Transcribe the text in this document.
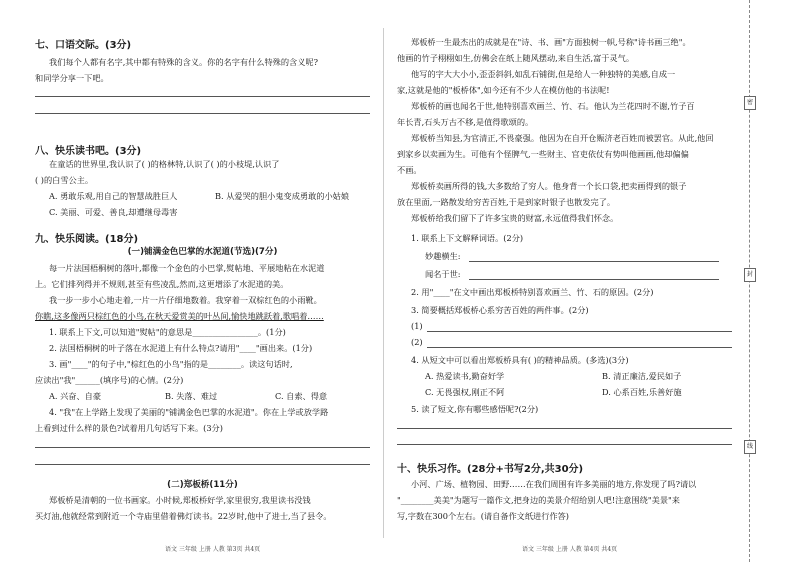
七、口语交际。(3分)
我们每个人都有名字,其中都有特殊的含义。你的名字有什么特殊的含义呢?
和同学分享一下吧。
八、快乐读书吧。(3分)
在童话的世界里,我认识了( )的格林特,认识了( )的小枝堤,认识了
( )的白雪公主。
A. 勇敢乐观,用自己的智慧战胜巨人	B. 从爱哭的胆小鬼变成勇敢的小姑娘
C. 美丽、可爱、善良,却遭继母毒害
九、快乐阅读。(18分)
(一)铺满金色巴掌的水泥道(节选)(7分)
每一片法国梧桐树的落叶,都像一个金色的小巴掌,熨帖地、平展地粘在水泥道
上。它们排列得并不规则,甚至有些凌乱,然而,这更增添了水泥道的美。
我一步一步小心地走着,一片一片仔细地数着。我穿着一双棕红色的小雨靴。
你瞧,这多像两只棕红色的小鸟,在秋天爱赏美的叶丛间,愉快地跳跃着,歌唱着……
1. 联系上下文,可以知道"熨帖"的意思是________________。(1分)
2. 法国梧桐树的叶子落在水泥道上有什么特点?请用"____"画出来。(1分)
3. 画"____"的句子中,"棕红色的小鸟"指的是________。读这句话时,
应读出"我"______(填序号)的心情。(2分)
A. 兴奋、自豪	B. 失落、难过	C. 自索、得意
4. "我"在上学路上发现了美丽的"铺满金色巴掌的水泥道"。你在上学或放学路
上看到过什么样的景色?试着用几句话写下来。(3分)
(二)郑板桥(11分)
郑板桥是清朝的一位书画家。小时候,郑板桥好学,家里很穷,我里读书没钱
买灯油,他就经常到附近一个寺庙里借着佛灯读书。22岁时,他中了进士,当了县令。
语文 三年级 上册 人教 第3页 共4页
郑板桥一生最杰出的成就是在"诗、书、画"方面独树一帜,号称"诗书画三绝"。
他画的竹子栩栩如生,仿佛会在纸上随风摆动,来自生活,富于灵气。
他写的字大大小小,歪歪斜斜,如乱石铺街,但是给人一种独特的美感,自成一
家,这就是他的"板桥体",如今还有不少人在模仿他的书法呢!
郑板桥的画也闻名于世,他特别喜欢画兰、竹、石。他认为兰花四时不谢,竹子百
年长青,石头万古不移,是值得歌颂的。
郑板桥当知县,为官清正,不畏豪强。他因为在自开仓赈济老百姓而被罢官。从此,他回
到家乡以卖画为生。可他有个怪脾气,一些财主、官吏依仗有势叫他画画,他却偏偏
不画。
郑板桥卖画所得的钱,大多数给了穷人。他身背一个长口袋,把卖画得到的银子
放在里面,一路散发给穷苦百姓,于是到家时银子也散发完了。
郑板桥给我们留下了许多宝贵的财富,永远值得我们怀念。
1. 联系上下文解释词语。(2分)
妙趣横生:
闻名于世:
2. 用"____"在文中画出郑板桥特别喜欢画兰、竹、石的原因。(2分)
3. 简要概括郑板桥心系穷苦百姓的两件事。(2分)
(1)
(2)
4. 从短文中可以看出郑板桥具有( )的精神品质。(多选)(3分)
A. 热爱读书,勤奋好学	B. 清正廉洁,爱民如子
C. 无畏强权,刚正不阿	D. 心系百姓,乐善好施
5. 读了短文,你有哪些感悟呢?(2分)
十、快乐习作。(28分+书写2分,共30分)
小河、广场、植物园、田野……在我们周围有许多美丽的地方,你发现了吗?请以
"________美美"为题写一篇作文,把身边的美景介绍给别人吧!注意围绕"美景"来
写,字数在300个左右。(请自备作文纸进行作答)
语文 三年级 上册 人教 第4页 共4页
密
封
线
